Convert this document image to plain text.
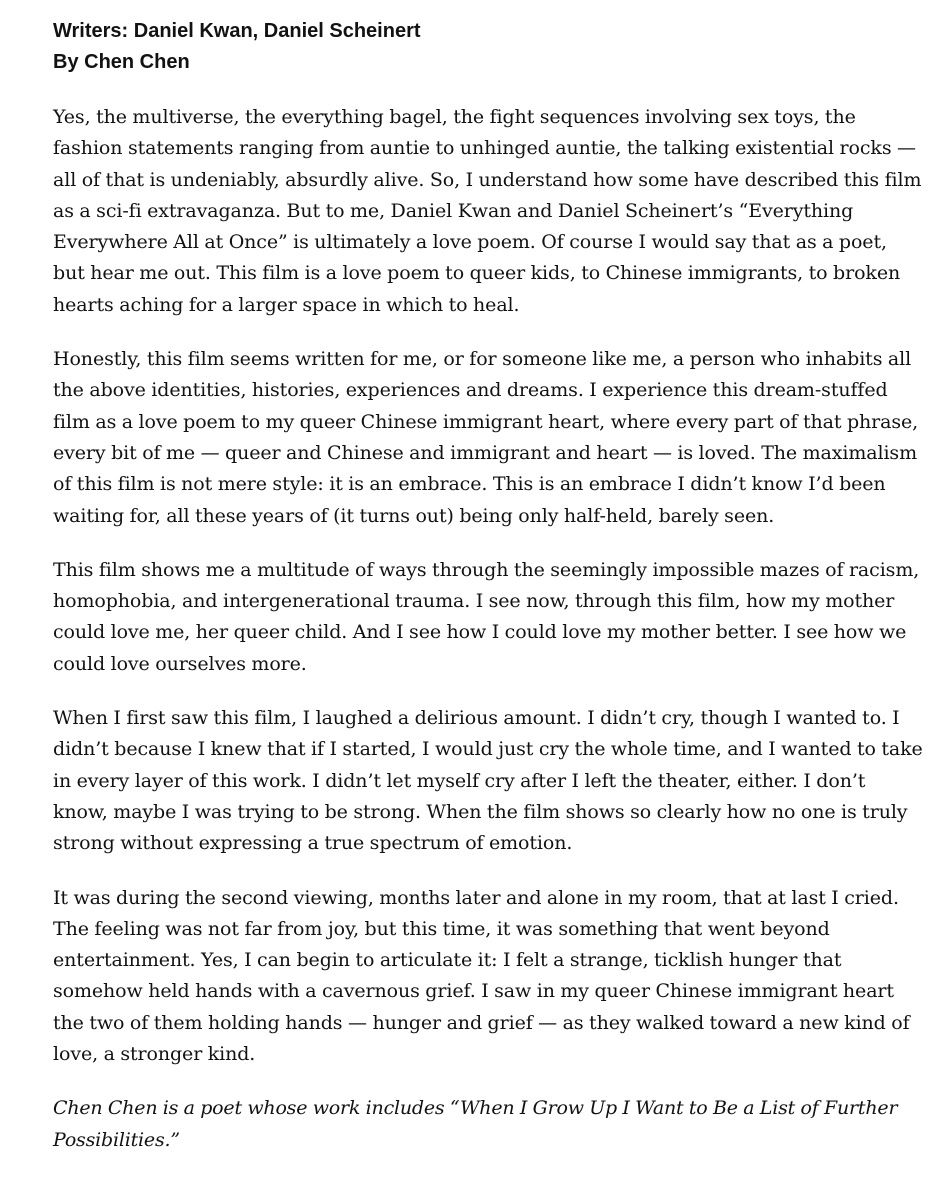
Writers: Daniel Kwan, Daniel Scheinert
By Chen Chen

Yes, the multiverse, the everything bagel, the fight sequences involving sex toys, the fashion statements ranging from auntie to unhinged auntie, the talking existential rocks — all of that is undeniably, absurdly alive. So, I understand how some have described this film as a sci-fi extravaganza. But to me, Daniel Kwan and Daniel Scheinert’s “Everything Everywhere All at Once” is ultimately a love poem. Of course I would say that as a poet, but hear me out. This film is a love poem to queer kids, to Chinese immigrants, to broken hearts aching for a larger space in which to heal.

Honestly, this film seems written for me, or for someone like me, a person who inhabits all the above identities, histories, experiences and dreams. I experience this dream-stuffed film as a love poem to my queer Chinese immigrant heart, where every part of that phrase, every bit of me — queer and Chinese and immigrant and heart — is loved. The maximalism of this film is not mere style: it is an embrace. This is an embrace I didn’t know I’d been waiting for, all these years of (it turns out) being only half-held, barely seen.

This film shows me a multitude of ways through the seemingly impossible mazes of racism, homophobia, and intergenerational trauma. I see now, through this film, how my mother could love me, her queer child. And I see how I could love my mother better. I see how we could love ourselves more.

When I first saw this film, I laughed a delirious amount. I didn’t cry, though I wanted to. I didn’t because I knew that if I started, I would just cry the whole time, and I wanted to take in every layer of this work. I didn’t let myself cry after I left the theater, either. I don’t know, maybe I was trying to be strong. When the film shows so clearly how no one is truly strong without expressing a true spectrum of emotion.

It was during the second viewing, months later and alone in my room, that at last I cried. The feeling was not far from joy, but this time, it was something that went beyond entertainment. Yes, I can begin to articulate it: I felt a strange, ticklish hunger that somehow held hands with a cavernous grief. I saw in my queer Chinese immigrant heart the two of them holding hands — hunger and grief — as they walked toward a new kind of love, a stronger kind.

Chen Chen is a poet whose work includes “When I Grow Up I Want to Be a List of Further Possibilities.”
